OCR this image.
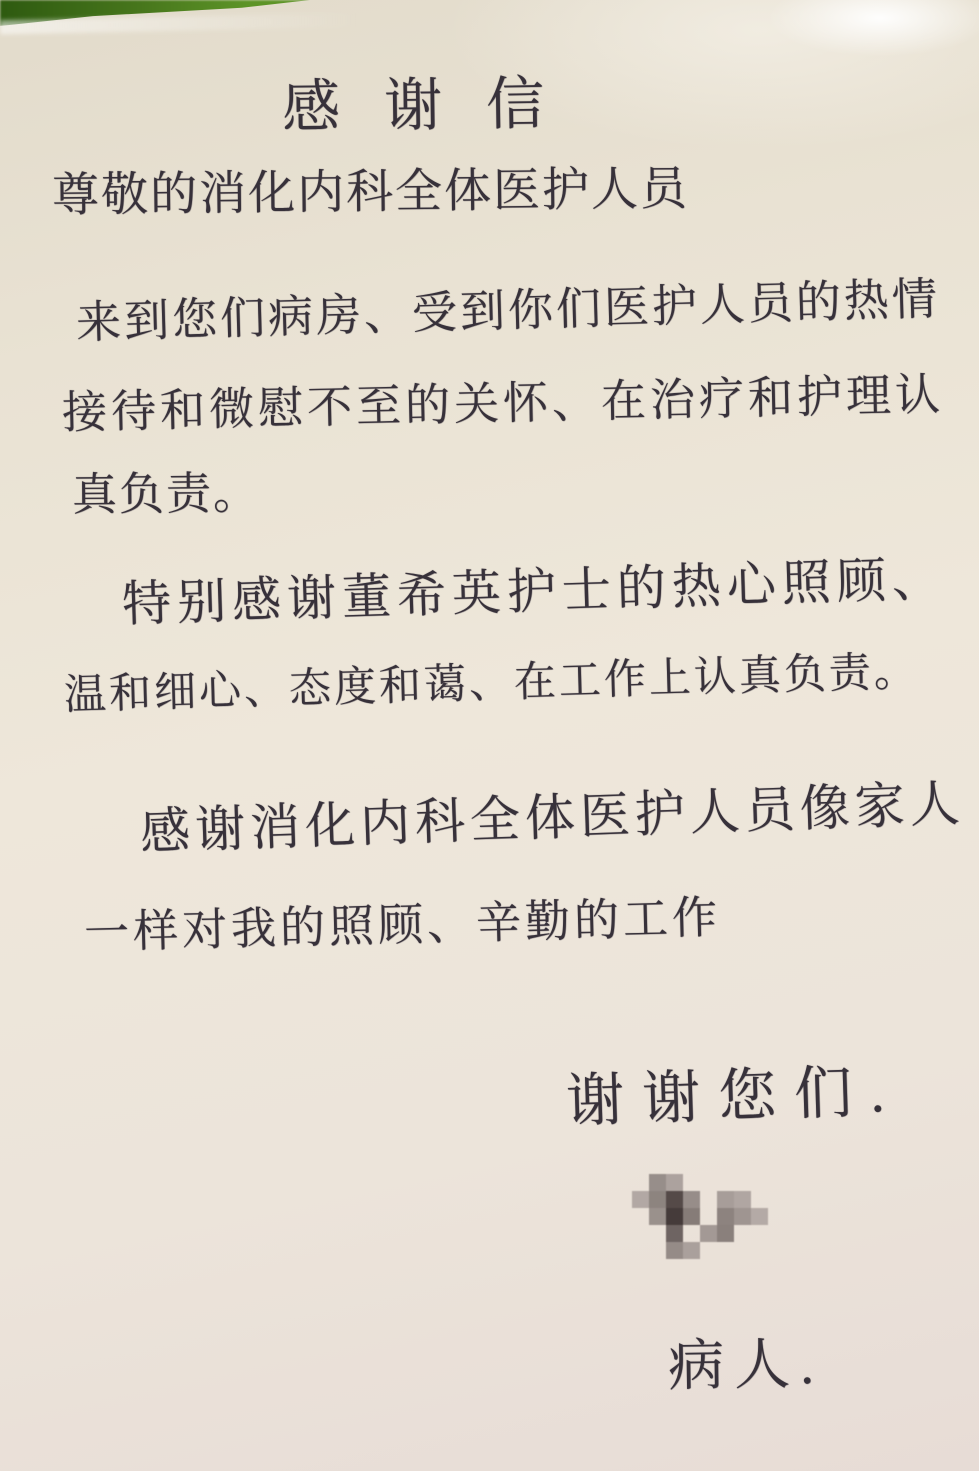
感谢信
尊敬的消化内科全体医护人员
来到您们病房、受到你们医护人员的热情
接待和微慰不至的关怀、在治疗和护理认
真负责。
特别感谢董希英护士的热心照顾、
温和细心、态度和蔼、在工作上认真负责。
感谢消化内科全体医护人员像家人
一样对我的照顾、辛勤的工作
谢谢您们.
病人.
